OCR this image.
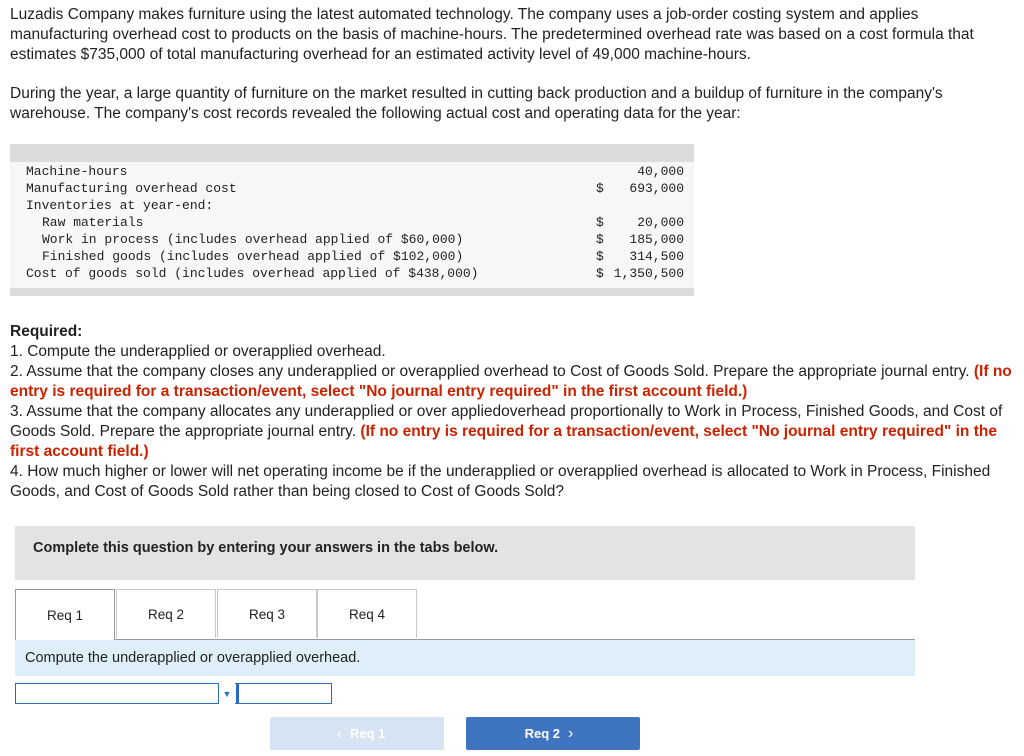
Luzadis Company makes furniture using the latest automated technology. The company uses a job-order costing system and applies manufacturing overhead cost to products on the basis of machine-hours. The predetermined overhead rate was based on a cost formula that estimates $735,000 of total manufacturing overhead for an estimated activity level of 49,000 machine-hours.

During the year, a large quantity of furniture on the market resulted in cutting back production and a buildup of furniture in the company's warehouse. The company's cost records revealed the following actual cost and operating data for the year:

Machine-hours	40,000
Manufacturing overhead cost	$ 693,000
Inventories at year-end:
Raw materials	$	20,000
Work in process (includes overhead applied of $60,000)	$ 185,000
Finished goods (includes overhead applied of $102,000)	$ 314,500
Cost of goods sold (includes overhead applied of $438,000)	$ 1,350,500
Required:
1. Compute the underapplied or overapplied overhead.
2. Assume that the company closes any underapplied or overapplied overhead to Cost of Goods Sold. Prepare the appropriate journal entry. (If no entry is required for a transaction/event, select "No journal entry required" in the first account field.)
3. Assume that the company allocates any underapplied or over appliedoverhead proportionally to Work in Process, Finished Goods, and Cost of Goods Sold. Prepare the appropriate journal entry. (If no entry is required for a transaction/event, select "No journal entry required" in the first account field.)
4. How much higher or lower will net operating income be if the underapplied or overapplied overhead is allocated to Work in Process, Finished Goods, and Cost of Goods Sold rather than being closed to Cost of Goods Sold?
Complete this question by entering your answers in the tabs below.
Req 1	Req 2	Req 3	Req 4
Compute the underapplied or overapplied overhead.
▼
‹ Req 1	Req 2 ›
